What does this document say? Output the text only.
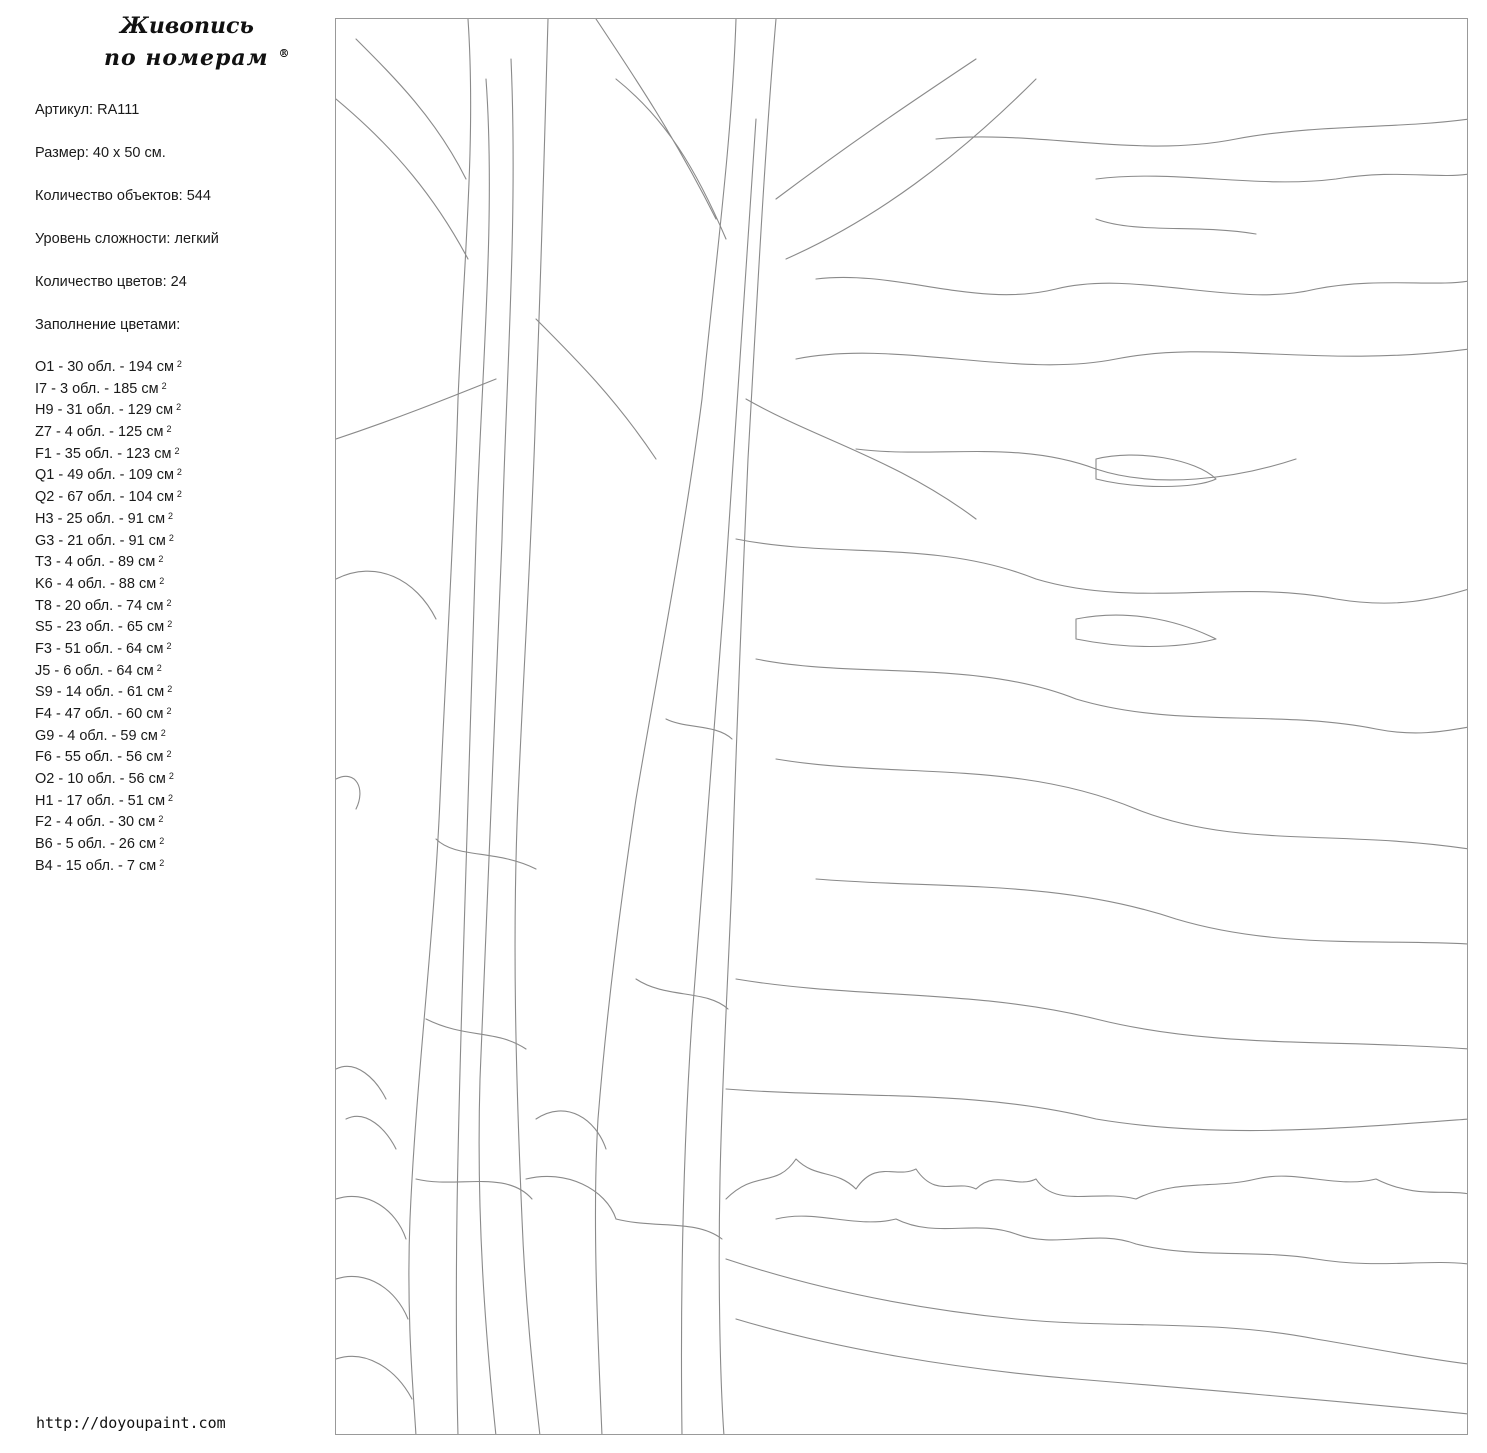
Живопись
по номерам ®
Артикул: RA111
Размер: 40 х 50 см.
Количество объектов: 544
Уровень сложности: легкий
Количество цветов: 24
Заполнение цветами:
O1 - 30 обл. - 194 см $^2$
I7 - 3 обл. - 185 см $^2$
H9 - 31 обл. - 129 см $^2$
Z7 - 4 обл. - 125 см $^2$
F1 - 35 обл. - 123 см $^2$
Q1 - 49 обл. - 109 см $^2$
Q2 - 67 обл. - 104 см $^2$
H3 - 25 обл. - 91 см $^2$
G3 - 21 обл. - 91 см $^2$
T3 - 4 обл. - 89 см $^2$
K6 - 4 обл. - 88 см $^2$
T8 - 20 обл. - 74 см $^2$
S5 - 23 обл. - 65 см $^2$
F3 - 51 обл. - 64 см $^2$
J5 - 6 обл. - 64 см $^2$
S9 - 14 обл. - 61 см $^2$
F4 - 47 обл. - 60 см $^2$
G9 - 4 обл. - 59 см $^2$
F6 - 55 обл. - 56 см $^2$
O2 - 10 обл. - 56 см $^2$
H1 - 17 обл. - 51 см $^2$
F2 - 4 обл. - 30 см $^2$
B6 - 5 обл. - 26 см $^2$
B4 - 15 обл. - 7 см $^2$
http://doyoupaint.com
